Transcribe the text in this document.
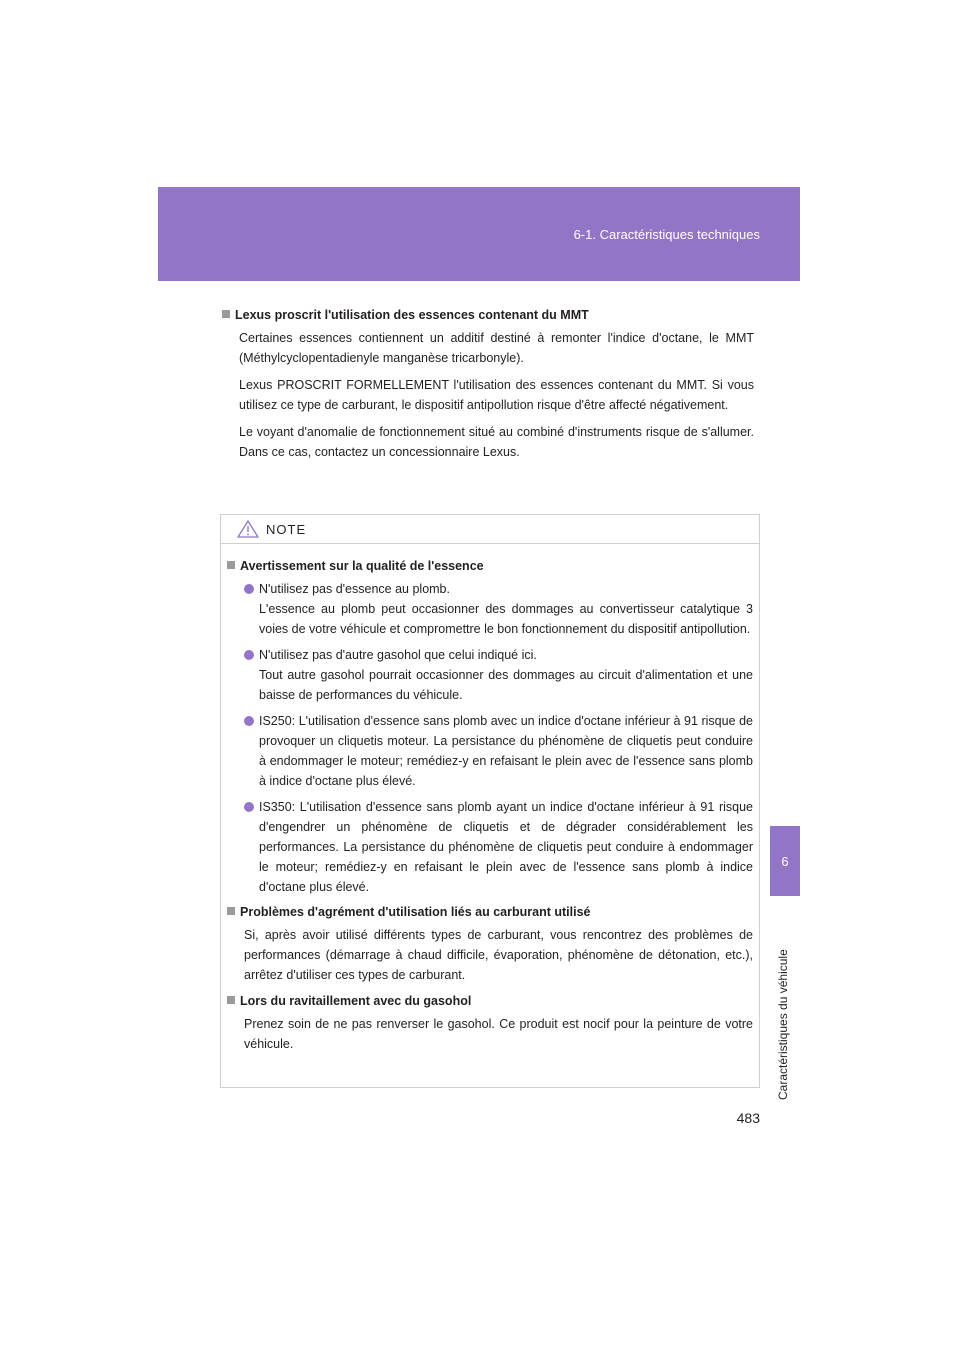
6-1. Caractéristiques techniques
6
Caractéristiques du véhicule
Lexus proscrit l'utilisation des essences contenant du MMT

Certaines essences contiennent un additif destiné à remonter l'indice d'octane, le MMT (Méthylcyclopentadienyle manganèse tricarbonyle).

Lexus PROSCRIT FORMELLEMENT l'utilisation des essences contenant du MMT. Si vous utilisez ce type de carburant, le dispositif antipollution risque d'être affecté négativement.

Le voyant d'anomalie de fonctionnement situé au combiné d'instruments risque de s'allumer. Dans ce cas, contactez un concessionnaire Lexus.

NOTE
Avertissement sur la qualité de l'essence
N'utilisez pas d'essence au plomb.
L'essence au plomb peut occasionner des dommages au convertisseur catalytique 3 voies de votre véhicule et compromettre le bon fonctionnement du dispositif antipollution.
N'utilisez pas d'autre gasohol que celui indiqué ici.
Tout autre gasohol pourrait occasionner des dommages au circuit d'alimentation et une baisse de performances du véhicule.
IS250: L'utilisation d'essence sans plomb avec un indice d'octane inférieur à 91 risque de provoquer un cliquetis moteur. La persistance du phénomène de cliquetis peut conduire à endommager le moteur; remédiez-y en refaisant le plein avec de l'essence sans plomb à indice d'octane plus élevé.
IS350: L'utilisation d'essence sans plomb ayant un indice d'octane inférieur à 91 risque d'engendrer un phénomène de cliquetis et de dégrader considérablement les performances. La persistance du phénomène de cliquetis peut conduire à endommager le moteur; remédiez-y en refaisant le plein avec de l'essence sans plomb à indice d'octane plus élevé.
Problèmes d'agrément d'utilisation liés au carburant utilisé

Si, après avoir utilisé différents types de carburant, vous rencontrez des problèmes de performances (démarrage à chaud difficile, évaporation, phénomène de détonation, etc.), arrêtez d'utiliser ces types de carburant.

Lors du ravitaillement avec du gasohol

Prenez soin de ne pas renverser le gasohol. Ce produit est nocif pour la peinture de votre véhicule.

483
